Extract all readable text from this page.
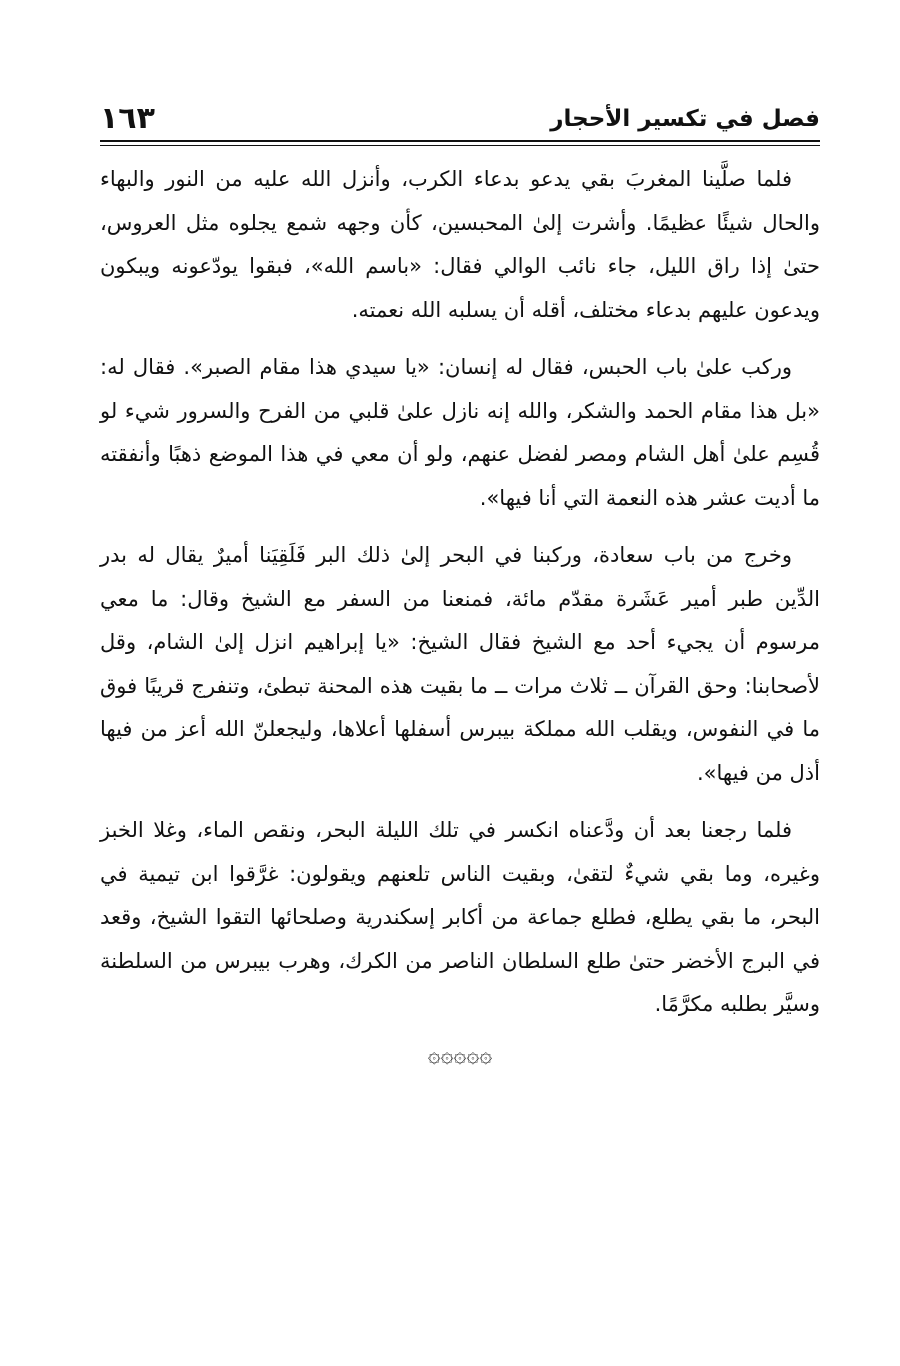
فصل في تكسير الأحجار
١٦٣

فلما صلَّينا المغربَ بقي يدعو بدعاء الكرب، وأنزل الله عليه من النور والبهاء والحال شيئًا عظيمًا. وأشرت إلىٰ المحبسين، كأن وجهه شمع يجلوه مثل العروس، حتىٰ إذا راق الليل، جاء نائب الوالي فقال: «باسم الله»، فبقوا يودّعونه ويبكون ويدعون عليهم بدعاء مختلف، أقله أن يسلبه الله نعمته.

وركب علىٰ باب الحبس، فقال له إنسان: «يا سيدي هذا مقام الصبر». فقال له: «بل هذا مقام الحمد والشكر، والله إنه نازل علىٰ قلبي من الفرح والسرور شيء لو قُسِم علىٰ أهل الشام ومصر لفضل عنهم، ولو أن معي في هذا الموضع ذهبًا وأنفقته ما أديت عشر هذه النعمة التي أنا فيها».

وخرج من باب سعادة، وركبنا في البحر إلىٰ ذلك البر فَلَقِيَنا أميرٌ يقال له بدر الدِّين طبر أمير عَشَرة مقدّم مائة، فمنعنا من السفر مع الشيخ وقال: ما معي مرسوم أن يجيء أحد مع الشيخ فقال الشيخ: «يا إبراهيم انزل إلىٰ الشام، وقل لأصحابنا: وحق القرآن ــ ثلاث مرات ــ ما بقيت هذه المحنة تبطئ، وتنفرج قريبًا فوق ما في النفوس، ويقلب الله مملكة بيبرس أسفلها أعلاها، وليجعلنّ الله أعز من فيها أذل من فيها».

فلما رجعنا بعد أن ودَّعناه انكسر في تلك الليلة البحر، ونقص الماء، وغلا الخبز وغيره، وما بقي شيءٌ لتقىٰ، وبقيت الناس تلعنهم ويقولون: غرَّقوا ابن تيمية في البحر، ما بقي يطلع، فطلع جماعة من أكابر إسكندرية وصلحائها التقوا الشيخ، وقعد في البرج الأخضر حتىٰ طلع السلطان الناصر من الكرك، وهرب بيبرس من السلطنة وسيَّر بطلبه مكرَّمًا.

۞۞۞۞۞
